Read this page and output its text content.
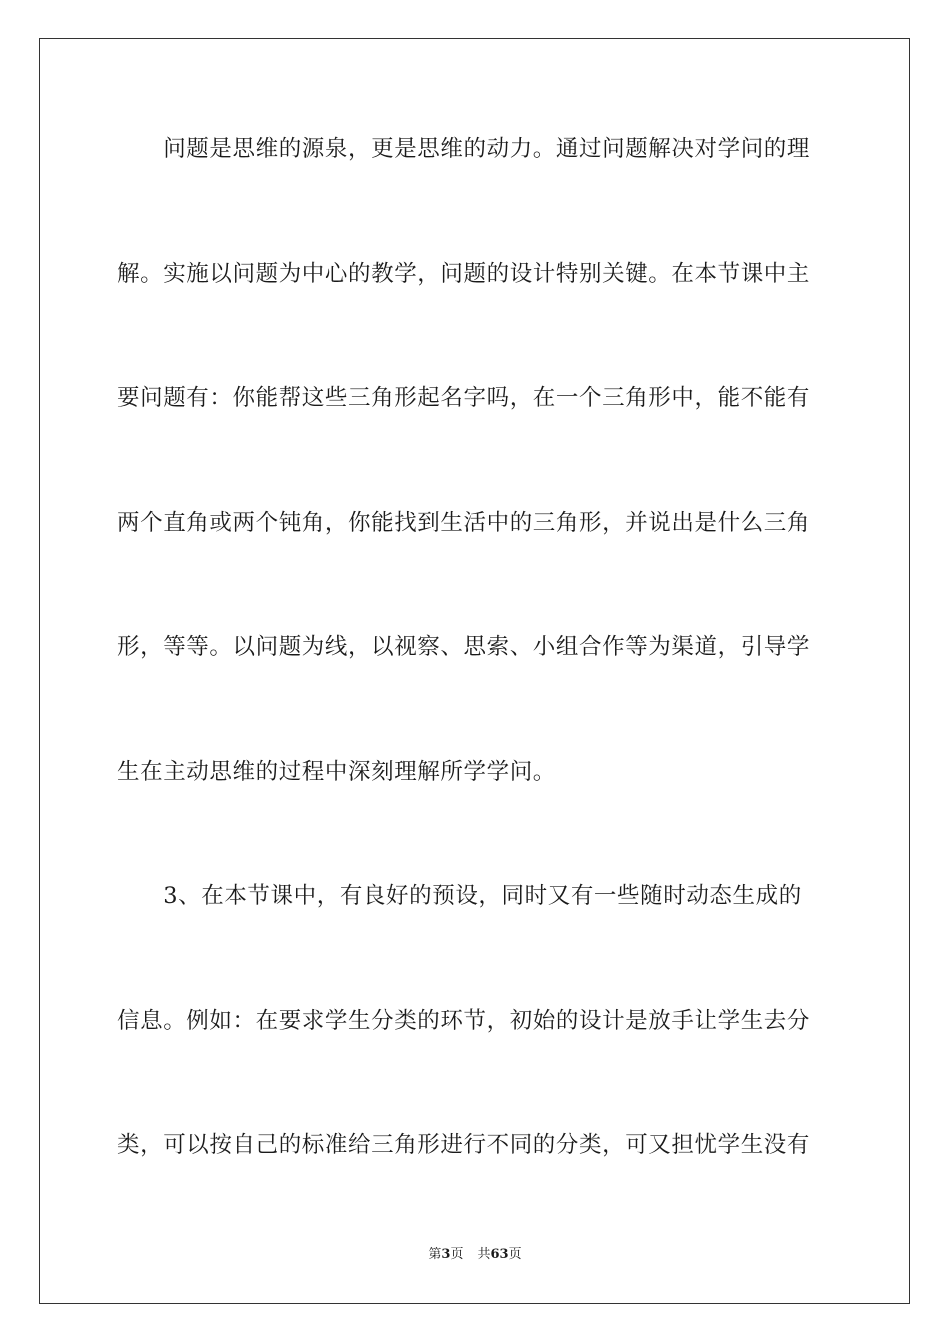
　　问题是思维的源泉，更是思维的动力。通过问题解决对学问的理
解。实施以问题为中心的教学，问题的设计特别关键。在本节课中主
要问题有：你能帮这些三角形起名字吗，在一个三角形中，能不能有
两个直角或两个钝角，你能找到生活中的三角形，并说出是什么三角
形，等等。以问题为线，以视察、思索、小组合作等为渠道，引导学
生在主动思维的过程中深刻理解所学学问。
　　3、在本节课中，有良好的预设，同时又有一些随时动态生成的
信息。例如：在要求学生分类的环节，初始的设计是放手让学生去分
类，可以按自己的标准给三角形进行不同的分类，可又担忧学生没有
第3页 共63页
